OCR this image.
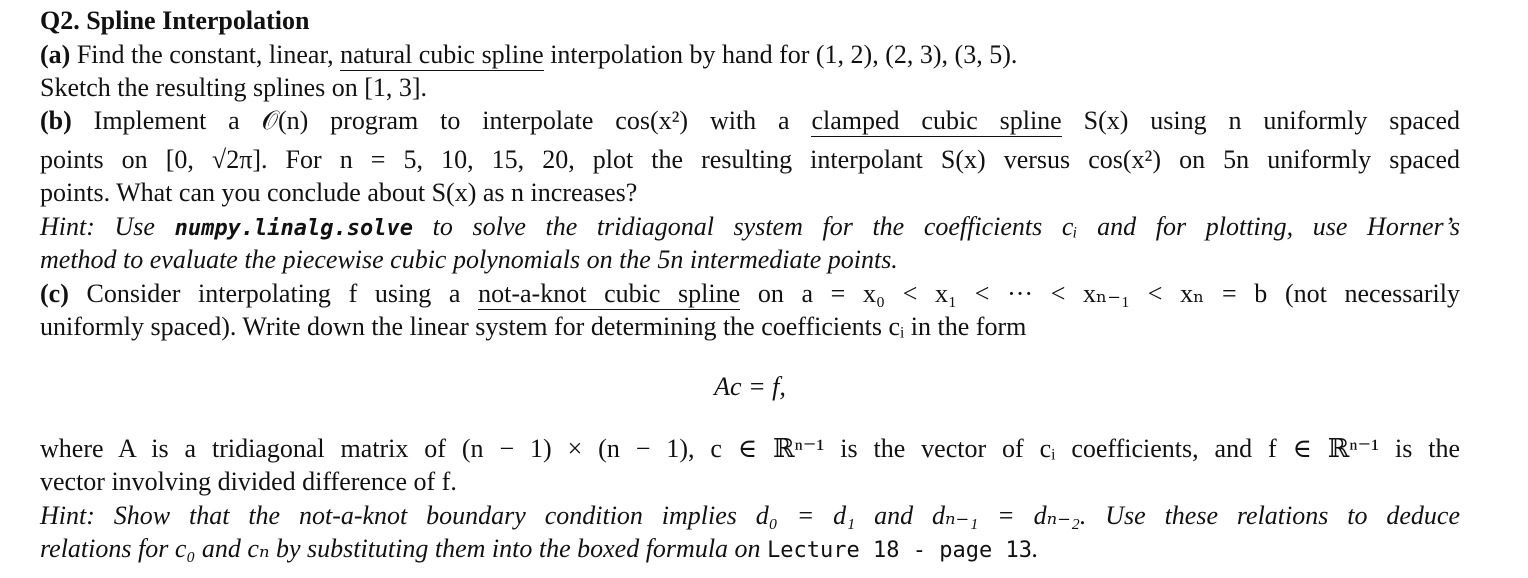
Q2. Spline Interpolation
(a) Find the constant, linear, natural cubic spline interpolation by hand for (1, 2), (2, 3), (3, 5).
Sketch the resulting splines on [1, 3].
(b) Implement a 𝒪(n) program to interpolate cos(x²) with a clamped cubic spline S(x) using n uniformly spaced
points on [0, √2π]. For n = 5, 10, 15, 20, plot the resulting interpolant S(x) versus cos(x²) on 5n uniformly spaced
points. What can you conclude about S(x) as n increases?
Hint: Use numpy.linalg.solve to solve the tridiagonal system for the coefficients cᵢ and for plotting, use Horner’s
method to evaluate the piecewise cubic polynomials on the 5n intermediate points.
(c) Consider interpolating f using a not-a-knot cubic spline on a = x₀ < x₁ < ··· < xₙ₋₁ < xₙ = b (not necessarily
uniformly spaced). Write down the linear system for determining the coefficients cᵢ in the form
Ac = f,
where A is a tridiagonal matrix of (n − 1) × (n − 1), c ∈ ℝⁿ⁻¹ is the vector of cᵢ coefficients, and f ∈ ℝⁿ⁻¹ is the
vector involving divided difference of f.
Hint: Show that the not-a-knot boundary condition implies d₀ = d₁ and dₙ₋₁ = dₙ₋₂. Use these relations to deduce
relations for c₀ and cₙ by substituting them into the boxed formula on Lecture 18 - page 13.
